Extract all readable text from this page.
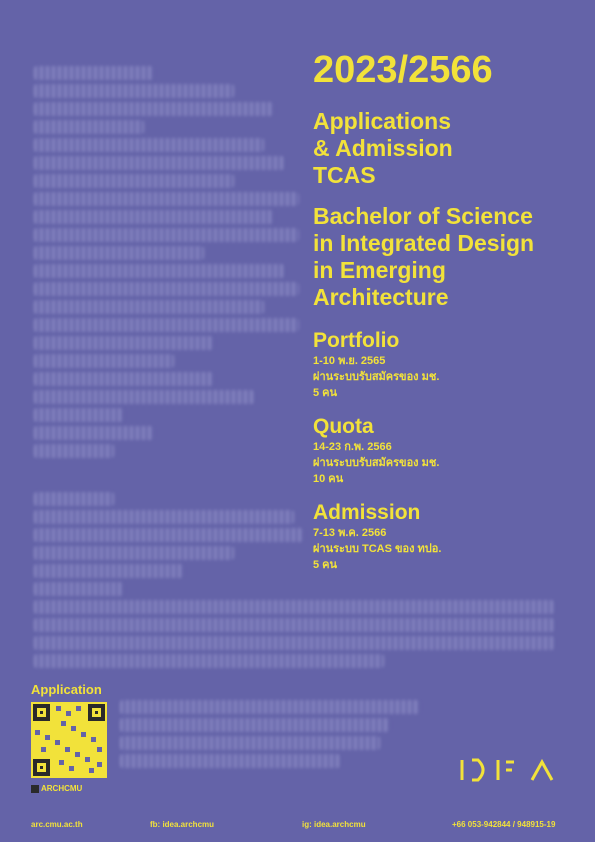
2023/2566
Applications
& Admission
TCAS
Bachelor of Science
in Integrated Design
in Emerging
Architecture
Portfolio
1-10 พ.ย. 2565
ผ่านระบบรับสมัครของ มช.
5 คน
Quota
14-23 ก.พ. 2566
ผ่านระบบรับสมัครของ มช.
10 คน
Admission
7-13 พ.ค. 2566
ผ่านระบบ TCAS ของ ทปอ.
5 คน
Application
ARCHCMU
arc.cmu.ac.th	fb: idea.archcmu	ig: idea.archcmu	+66 053-942844 / 948915-19
